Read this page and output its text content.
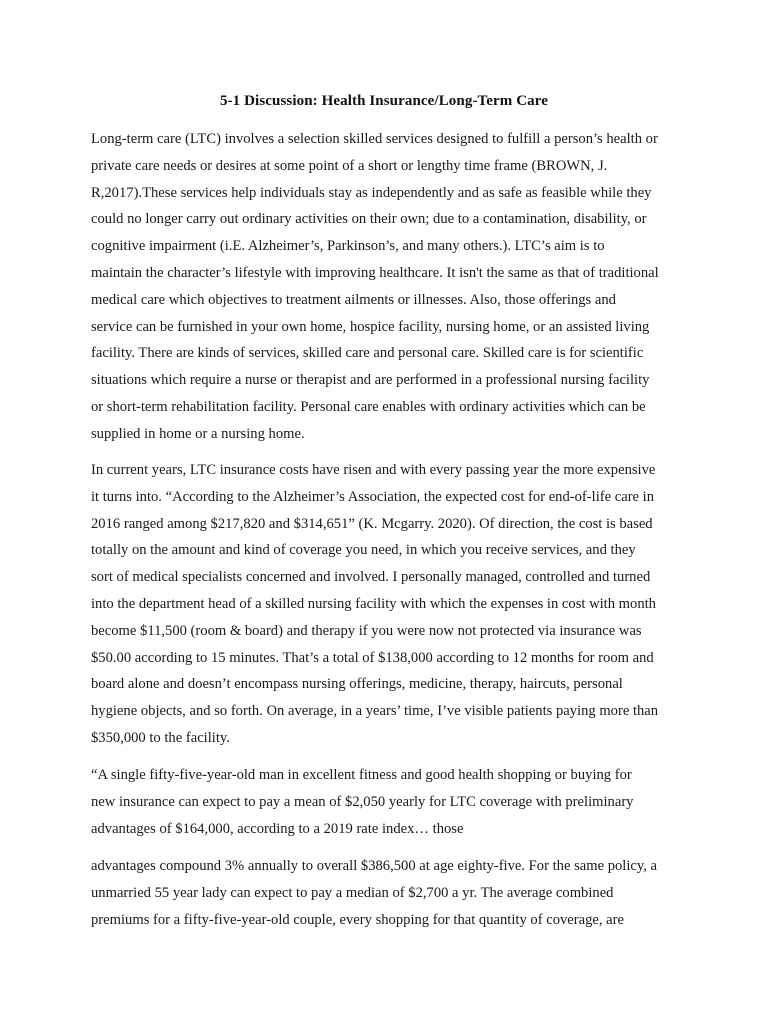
5-1 Discussion: Health Insurance/Long-Term Care

Long-term care (LTC) involves a selection skilled services designed to fulfill a person’s health or
private care needs or desires at some point of a short or lengthy time frame (BROWN, J.
R,2017).These services help individuals stay as independently and as safe as feasible while they
could no longer carry out ordinary activities on their own; due to a contamination, disability, or
cognitive impairment (i.E. Alzheimer’s, Parkinson’s, and many others.). LTC’s aim is to
maintain the character’s lifestyle with improving healthcare. It isn't the same as that of traditional
medical care which objectives to treatment ailments or illnesses. Also, those offerings and
service can be furnished in your own home, hospice facility, nursing home, or an assisted living
facility. There are kinds of services, skilled care and personal care. Skilled care is for scientific
situations which require a nurse or therapist and are performed in a professional nursing facility
or short-term rehabilitation facility. Personal care enables with ordinary activities which can be
supplied in home or a nursing home.

In current years, LTC insurance costs have risen and with every passing year the more expensive
it turns into. “According to the Alzheimer’s Association, the expected cost for end-of-life care in
2016 ranged among $217,820 and $314,651” (K. Mcgarry. 2020). Of direction, the cost is based
totally on the amount and kind of coverage you need, in which you receive services, and they
sort of medical specialists concerned and involved. I personally managed, controlled and turned
into the department head of a skilled nursing facility with which the expenses in cost with month
become $11,500 (room & board) and therapy if you were now not protected via insurance was
$50.00 according to 15 minutes. That’s a total of $138,000 according to 12 months for room and
board alone and doesn’t encompass nursing offerings, medicine, therapy, haircuts, personal
hygiene objects, and so forth. On average, in a years’ time, I’ve visible patients paying more than
$350,000 to the facility.

“A single fifty-five-year-old man in excellent fitness and good health shopping or buying for
new insurance can expect to pay a mean of $2,050 yearly for LTC coverage with preliminary
advantages of $164,000, according to a 2019 rate index… those

advantages compound 3% annually to overall $386,500 at age eighty-five. For the same policy, a
unmarried 55 year lady can expect to pay a median of $2,700 a yr. The average combined
premiums for a fifty-five-year-old couple, every shopping for that quantity of coverage, are
